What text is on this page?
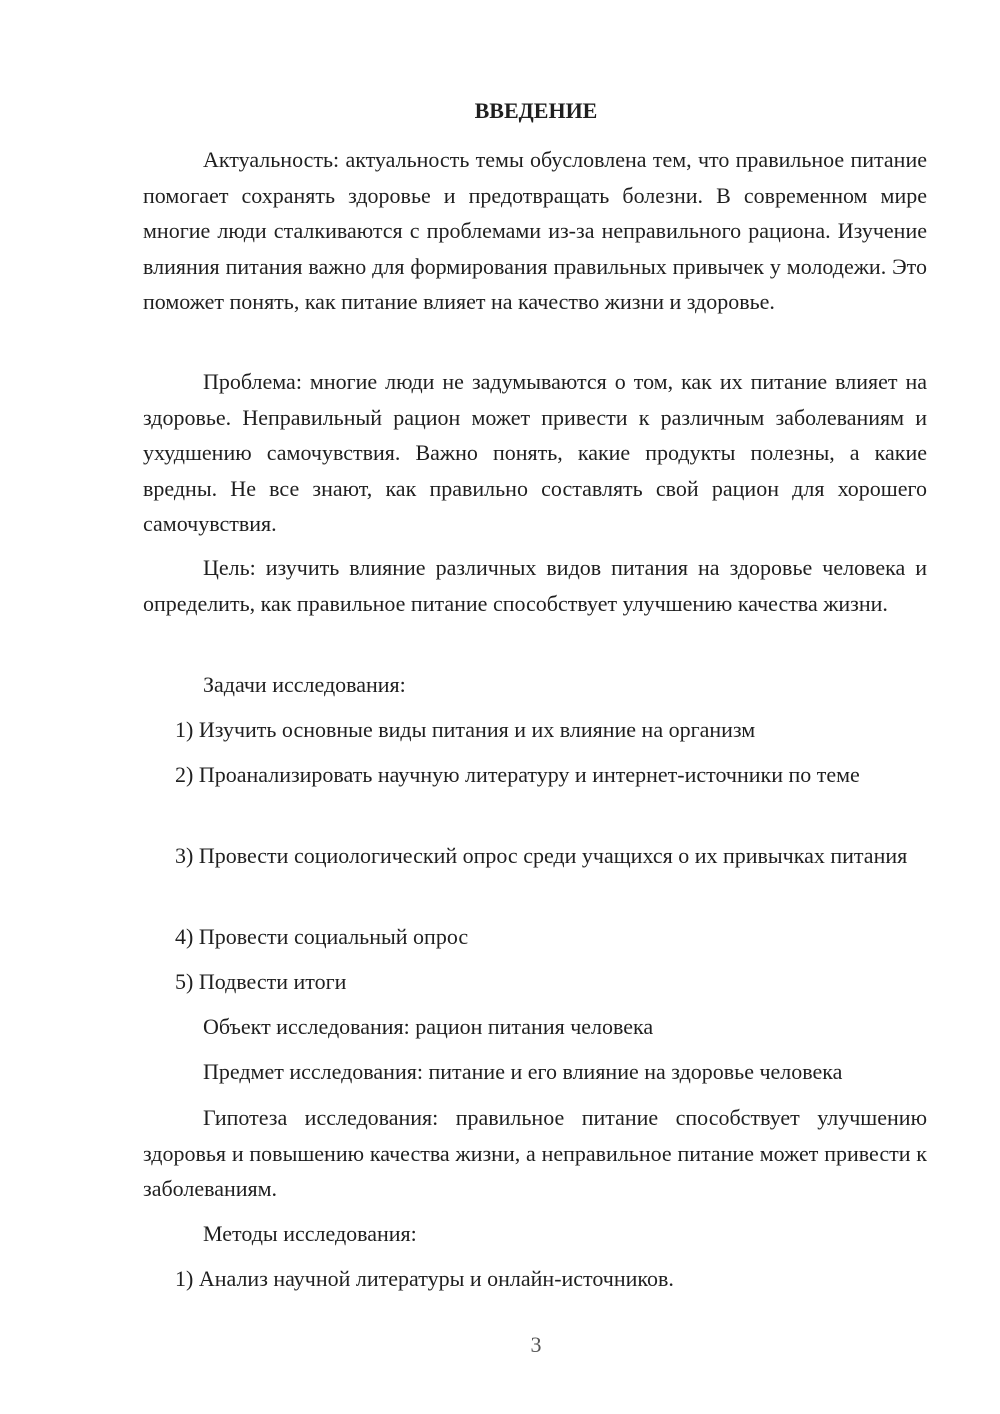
ВВЕДЕНИЕ

Актуальность: актуальность темы обусловлена тем, что правильное питание помогает сохранять здоровье и предотвращать болезни. В современном мире многие люди сталкиваются с проблемами из-за неправильного рациона. Изучение влияния питания важно для формирования правильных привычек у молодежи. Это поможет понять, как питание влияет на качество жизни и здоровье.

Проблема: многие люди не задумываются о том, как их питание влияет на здоровье. Неправильный рацион может привести к различным заболеваниям и ухудшению самочувствия. Важно понять, какие продукты полезны, а какие вредны. Не все знают, как правильно составлять свой рацион для хорошего самочувствия.

Цель: изучить влияние различных видов питания на здоровье человека и определить, как правильное питание способствует улучшению качества жизни.

Задачи исследования:

1) Изучить основные виды питания и их влияние на организм

2) Проанализировать научную литературу и интернет-источники по теме

3) Провести социологический опрос среди учащихся о их привычках питания

4) Провести социальный опрос

5) Подвести итоги

Объект исследования: рацион питания человека

Предмет исследования: питание и его влияние на здоровье человека

Гипотеза исследования: правильное питание способствует улучшению здоровья и повышению качества жизни, а неправильное питание может привести к заболеваниям.

Методы исследования:

1) Анализ научной литературы и онлайн-источников.

3
